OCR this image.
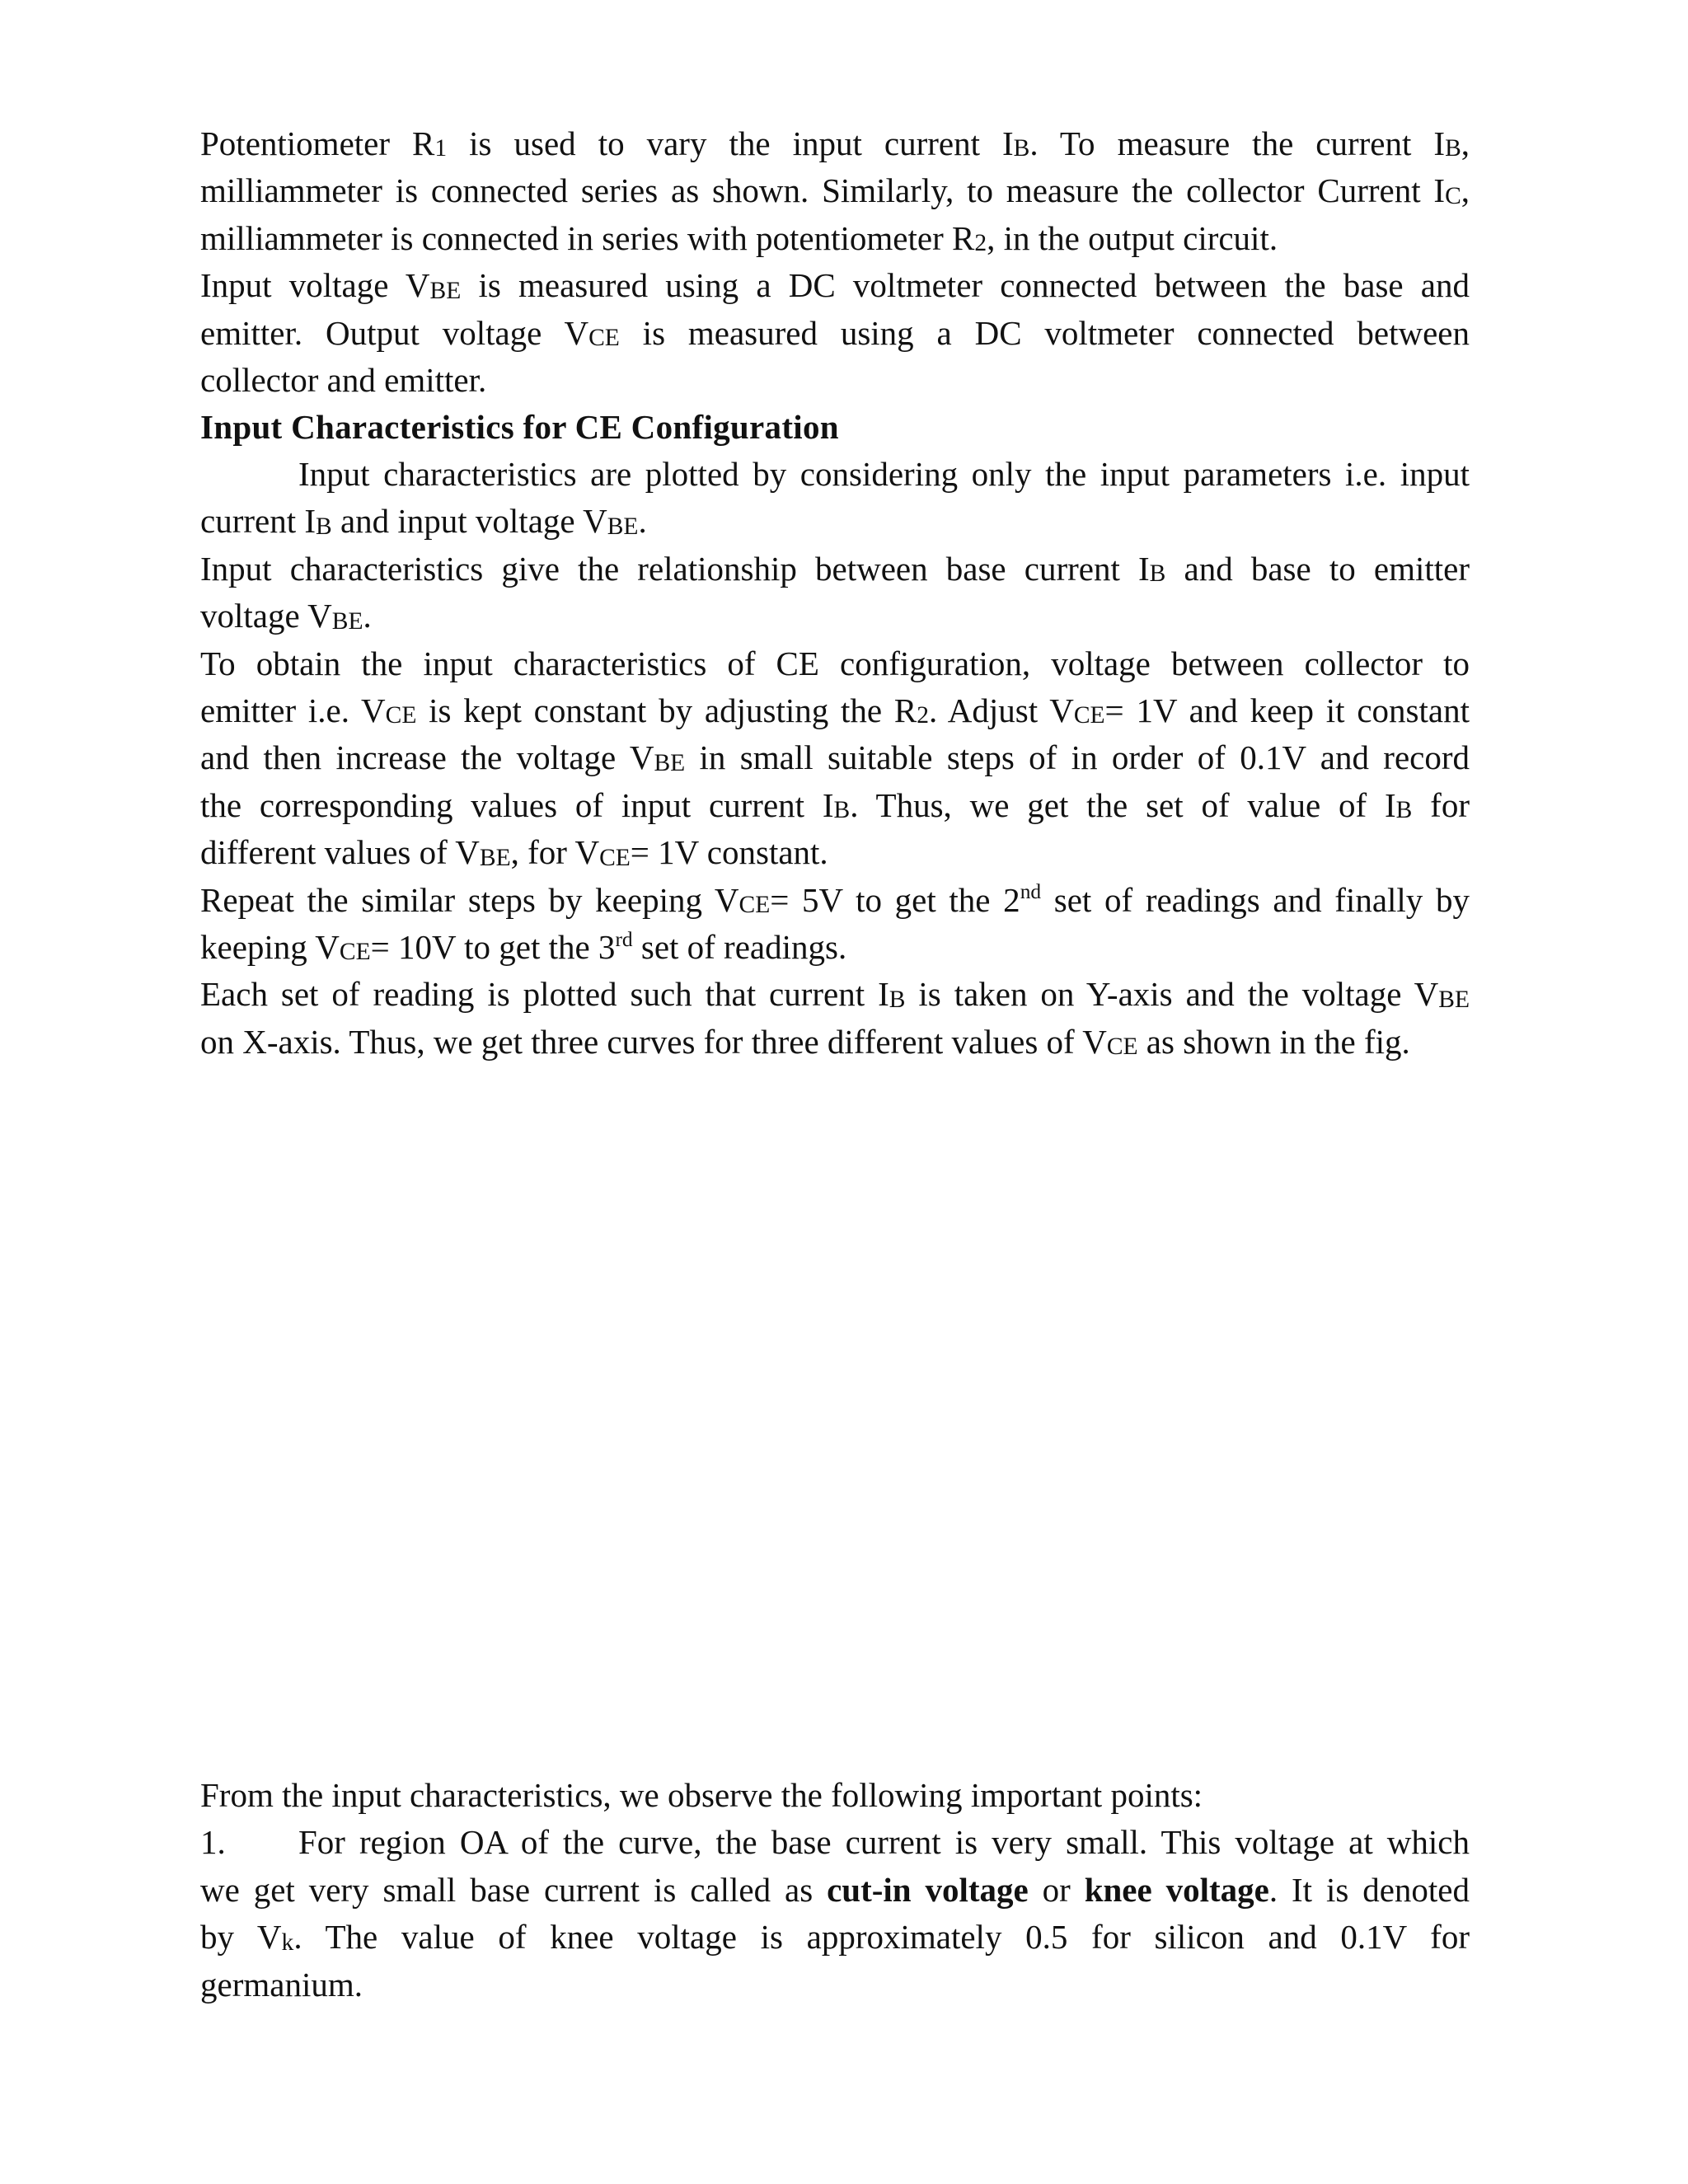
Potentiometer R1 is used to vary the input current IB. To measure the current IB,
milliammeter is connected series as shown. Similarly, to measure the collector Current IC,
milliammeter is connected in series with potentiometer R2, in the output circuit.
Input voltage VBE is measured using a DC voltmeter connected between the base and
emitter. Output voltage VCE is measured using a DC voltmeter connected between
collector and emitter.
Input Characteristics for CE Configuration
Input characteristics are plotted by considering only the input parameters i.e. input
current IB and input voltage VBE.
Input characteristics give the relationship between base current IB and base to emitter
voltage VBE.
To obtain the input characteristics of CE configuration, voltage between collector to
emitter i.e. VCE is kept constant by adjusting the R2. Adjust VCE= 1V and keep it constant
and then increase the voltage VBE in small suitable steps of in order of 0.1V and record
the corresponding values of input current IB. Thus, we get the set of value of IB for
different values of VBE, for VCE= 1V constant.
Repeat the similar steps by keeping VCE= 5V to get the 2nd set of readings and finally by
keeping VCE= 10V to get the 3rd set of readings.
Each set of reading is plotted such that current IB is taken on Y-axis and the voltage VBE
on X-axis. Thus, we get three curves for three different values of VCE as shown in the fig.
From the input characteristics, we observe the following important points:
1. For region OA of the curve, the base current is very small. This voltage at which
we get very small base current is called as cut-in voltage or knee voltage. It is denoted
by Vk. The value of knee voltage is approximately 0.5 for silicon and 0.1V for
germanium.
